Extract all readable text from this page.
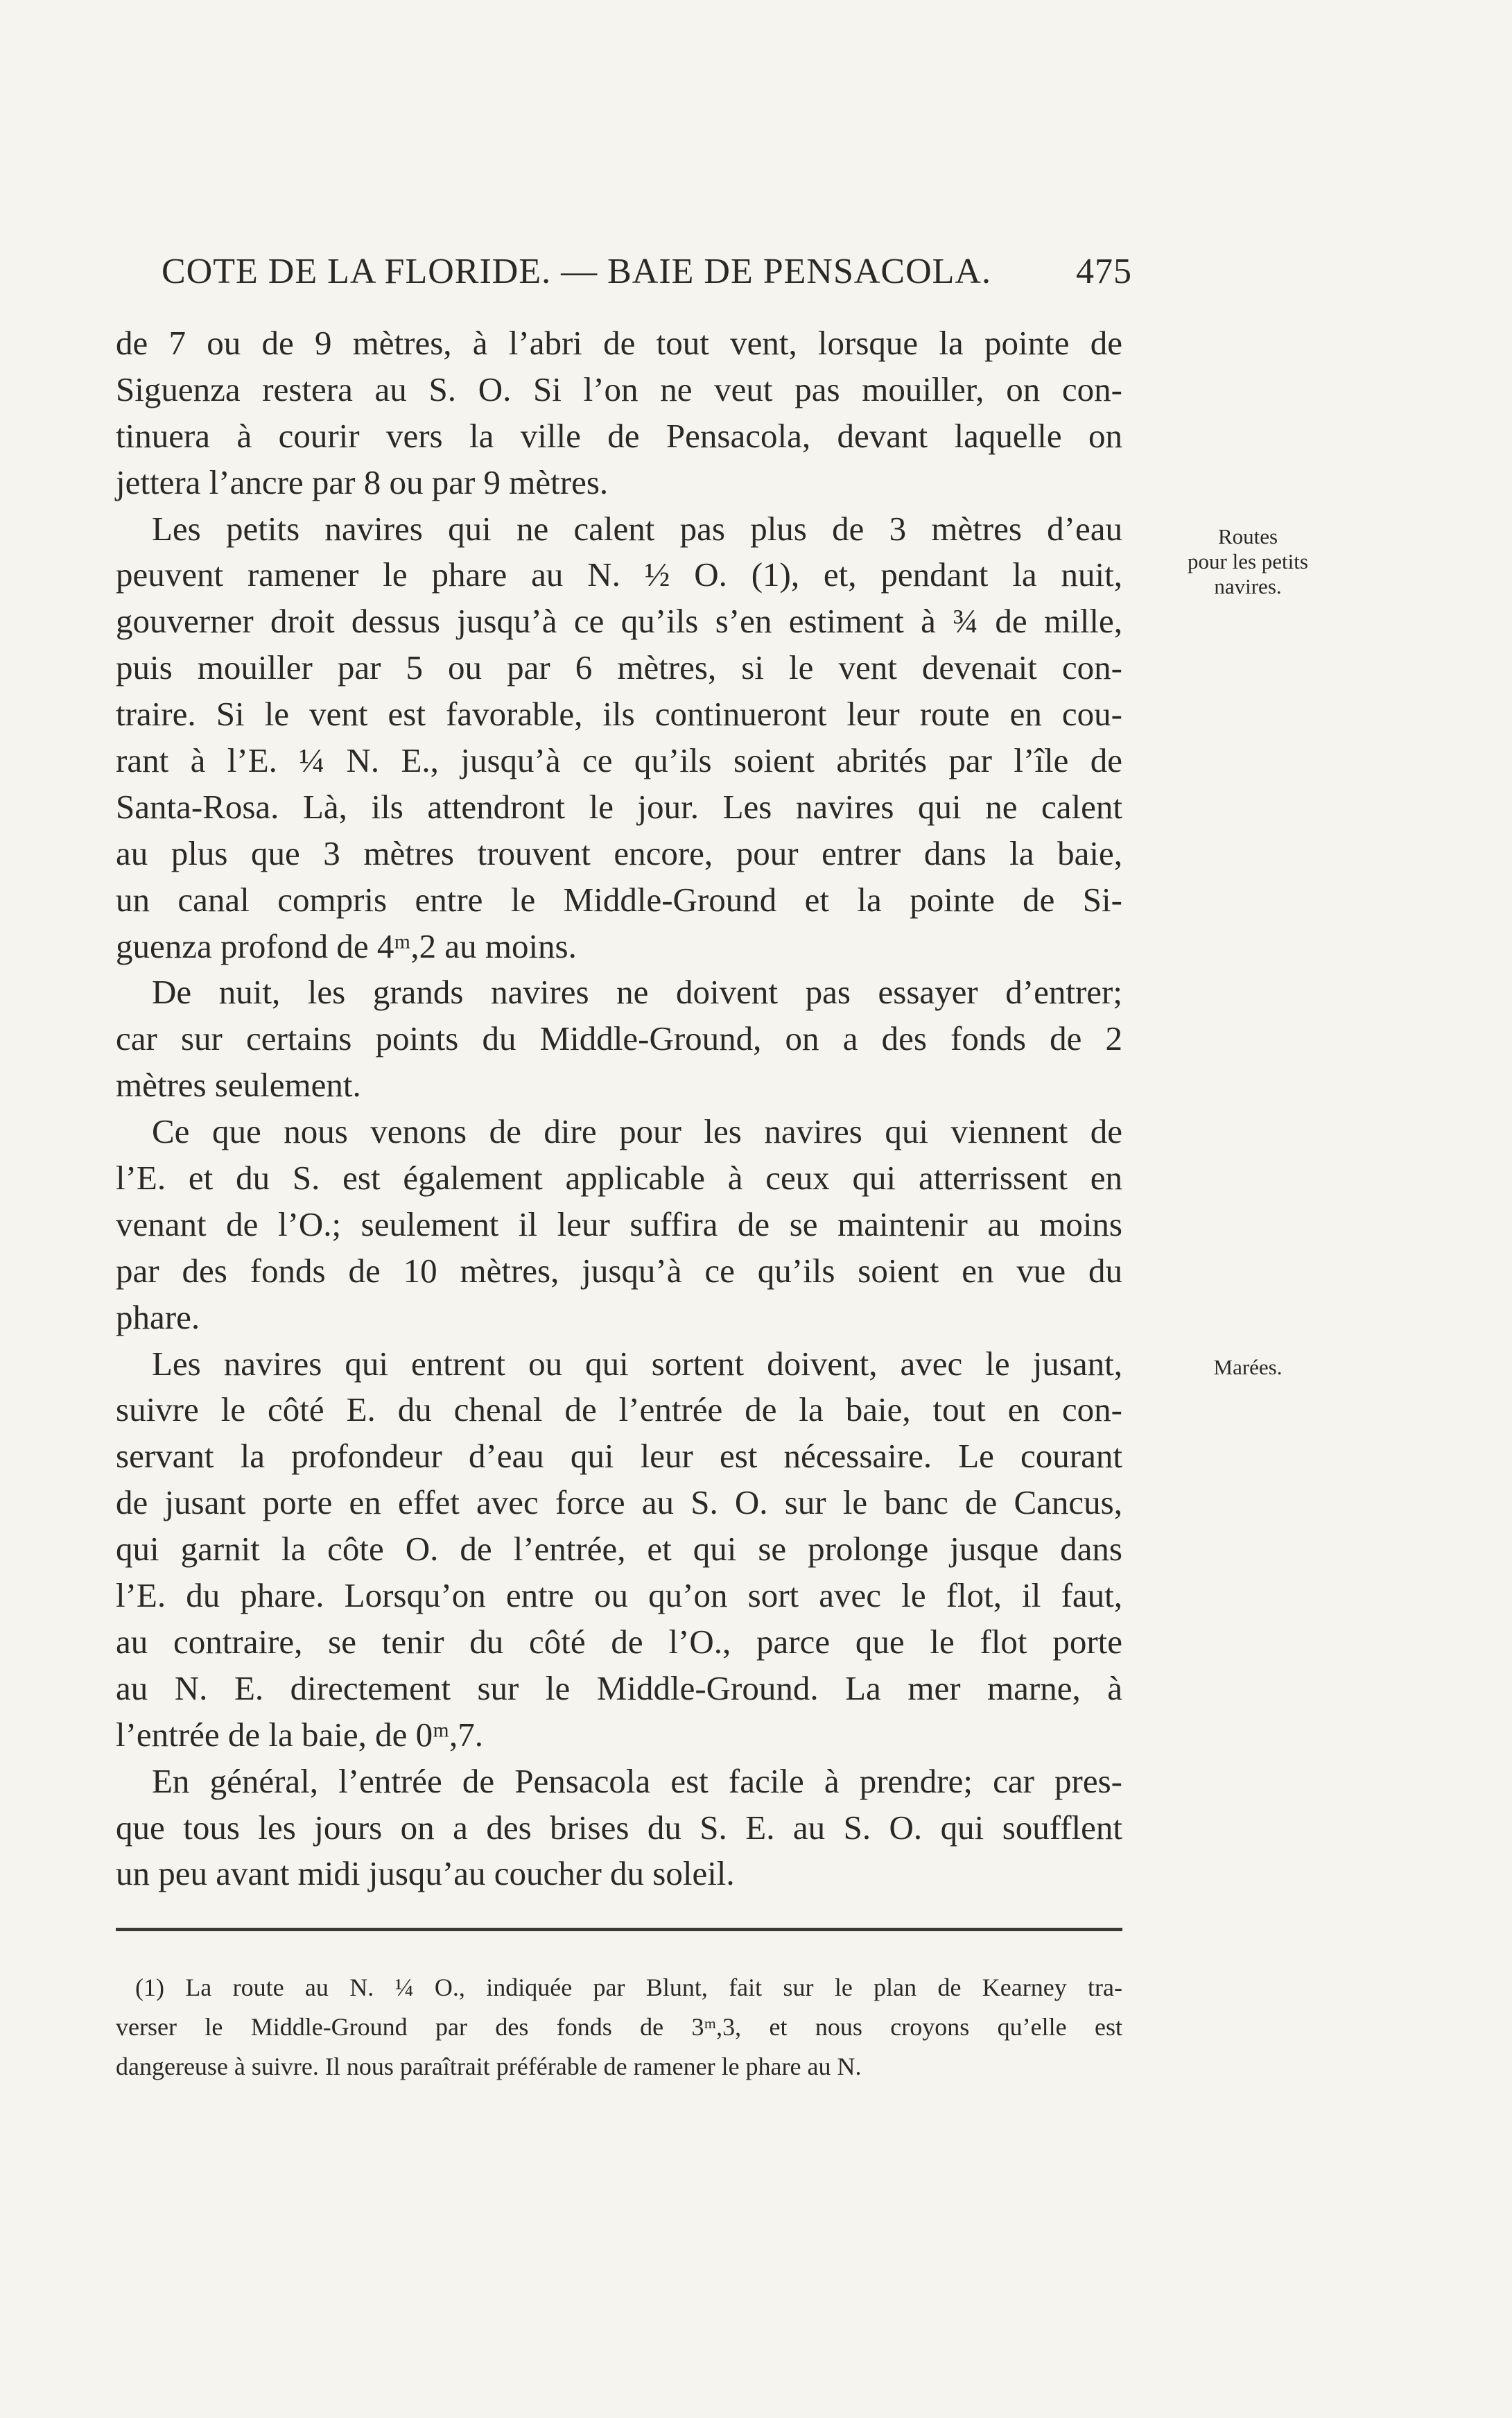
COTE DE LA FLORIDE. — BAIE DE PENSACOLA. 475
de 7 ou de 9 mètres, à l’abri de tout vent, lorsque la pointe de
Siguenza restera au S. O. Si l’on ne veut pas mouiller, on con-
tinuera à courir vers la ville de Pensacola, devant laquelle on
jettera l’ancre par 8 ou par 9 mètres.
Les petits navires qui ne calent pas plus de 3 mètres d’eau
peuvent ramener le phare au N. ½ O. (1), et, pendant la nuit,
gouverner droit dessus jusqu’à ce qu’ils s’en estiment à ¾ de mille,
puis mouiller par 5 ou par 6 mètres, si le vent devenait con-
traire. Si le vent est favorable, ils continueront leur route en cou-
rant à l’E. ¼ N. E., jusqu’à ce qu’ils soient abrités par l’île de
Santa-Rosa. Là, ils attendront le jour. Les navires qui ne calent
au plus que 3 mètres trouvent encore, pour entrer dans la baie,
un canal compris entre le Middle-Ground et la pointe de Si-
guenza profond de 4ᵐ,2 au moins.
De nuit, les grands navires ne doivent pas essayer d’entrer;
car sur certains points du Middle-Ground, on a des fonds de 2
mètres seulement.
Ce que nous venons de dire pour les navires qui viennent de
l’E. et du S. est également applicable à ceux qui atterrissent en
venant de l’O.; seulement il leur suffira de se maintenir au moins
par des fonds de 10 mètres, jusqu’à ce qu’ils soient en vue du
phare.
Les navires qui entrent ou qui sortent doivent, avec le jusant,
suivre le côté E. du chenal de l’entrée de la baie, tout en con-
servant la profondeur d’eau qui leur est nécessaire. Le courant
de jusant porte en effet avec force au S. O. sur le banc de Cancus,
qui garnit la côte O. de l’entrée, et qui se prolonge jusque dans
l’E. du phare. Lorsqu’on entre ou qu’on sort avec le flot, il faut,
au contraire, se tenir du côté de l’O., parce que le flot porte
au N. E. directement sur le Middle-Ground. La mer marne, à
l’entrée de la baie, de 0ᵐ,7.
En général, l’entrée de Pensacola est facile à prendre; car pres-
que tous les jours on a des brises du S. E. au S. O. qui soufflent
un peu avant midi jusqu’au coucher du soleil.
Routes
pour les petits
navires.
Marées.
(1) La route au N. ¼ O., indiquée par Blunt, fait sur le plan de Kearney tra-
verser le Middle-Ground par des fonds de 3ᵐ,3, et nous croyons qu’elle est
dangereuse à suivre. Il nous paraîtrait préférable de ramener le phare au N.
